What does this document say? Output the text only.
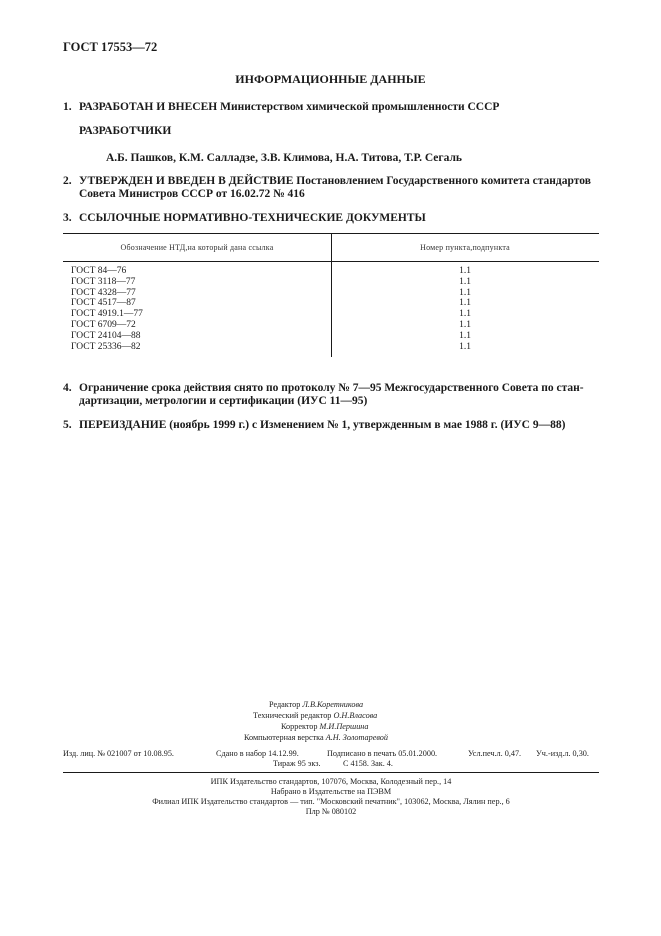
ГОСТ 17553—72
ИНФОРМАЦИОННЫЕ ДАННЫЕ
1. РАЗРАБОТАН И ВНЕСЕН Министерством химической промышленности СССР
РАЗРАБОТЧИКИ
А.Б. Пашков, К.М. Салладзе, З.В. Климова, Н.А. Титова, Т.Р. Сегаль
2. УТВЕРЖДЕН И ВВЕДЕН В ДЕЙСТВИЕ Постановлением Государственного комитета стандартов
Совета Министров СССР от 16.02.72 № 416
3. ССЫЛОЧНЫЕ НОРМАТИВНО-ТЕХНИЧЕСКИЕ ДОКУМЕНТЫ
Обозначение НТД,на который дана ссылка	Номер пункта,подпункта
ГОСТ 84—76	1.1
ГОСТ 3118—77	1.1
ГОСТ 4328—77	1.1
ГОСТ 4517—87	1.1
ГОСТ 4919.1—77	1.1
ГОСТ 6709—72	1.1
ГОСТ 24104—88	1.1
ГОСТ 25336—82	1.1
4. Ограничение срока действия снято по протоколу № 7—95 Межгосударственного Совета по стан-
дартизации, метрологии и сертификации (ИУС 11—95)
5. ПЕРЕИЗДАНИЕ (ноябрь 1999 г.) с Изменением № 1, утвержденным в мае 1988 г. (ИУС 9—88)
Редактор Л.В.Коретникова
Технический редактор О.Н.Власова
Корректор М.И.Першина
Компьютерная верстка А.Н. Золотаревой
Изд. лиц. № 021007 от 10.08.95.	Сдано в набор 14.12.99.	Подписано в печать 05.01.2000.	Усл.печ.л. 0,47. Уч.-изд.л. 0,30.
Тираж 95 экз.	С 4158. Зак. 4.
ИПК Издательство стандартов, 107076, Москва, Колодезный пер., 14
Набрано в Издательстве на ПЭВМ
Филиал ИПК Издательство стандартов — тип. "Московский печатник", 103062, Москва, Лялин пер., 6
Плр № 080102
